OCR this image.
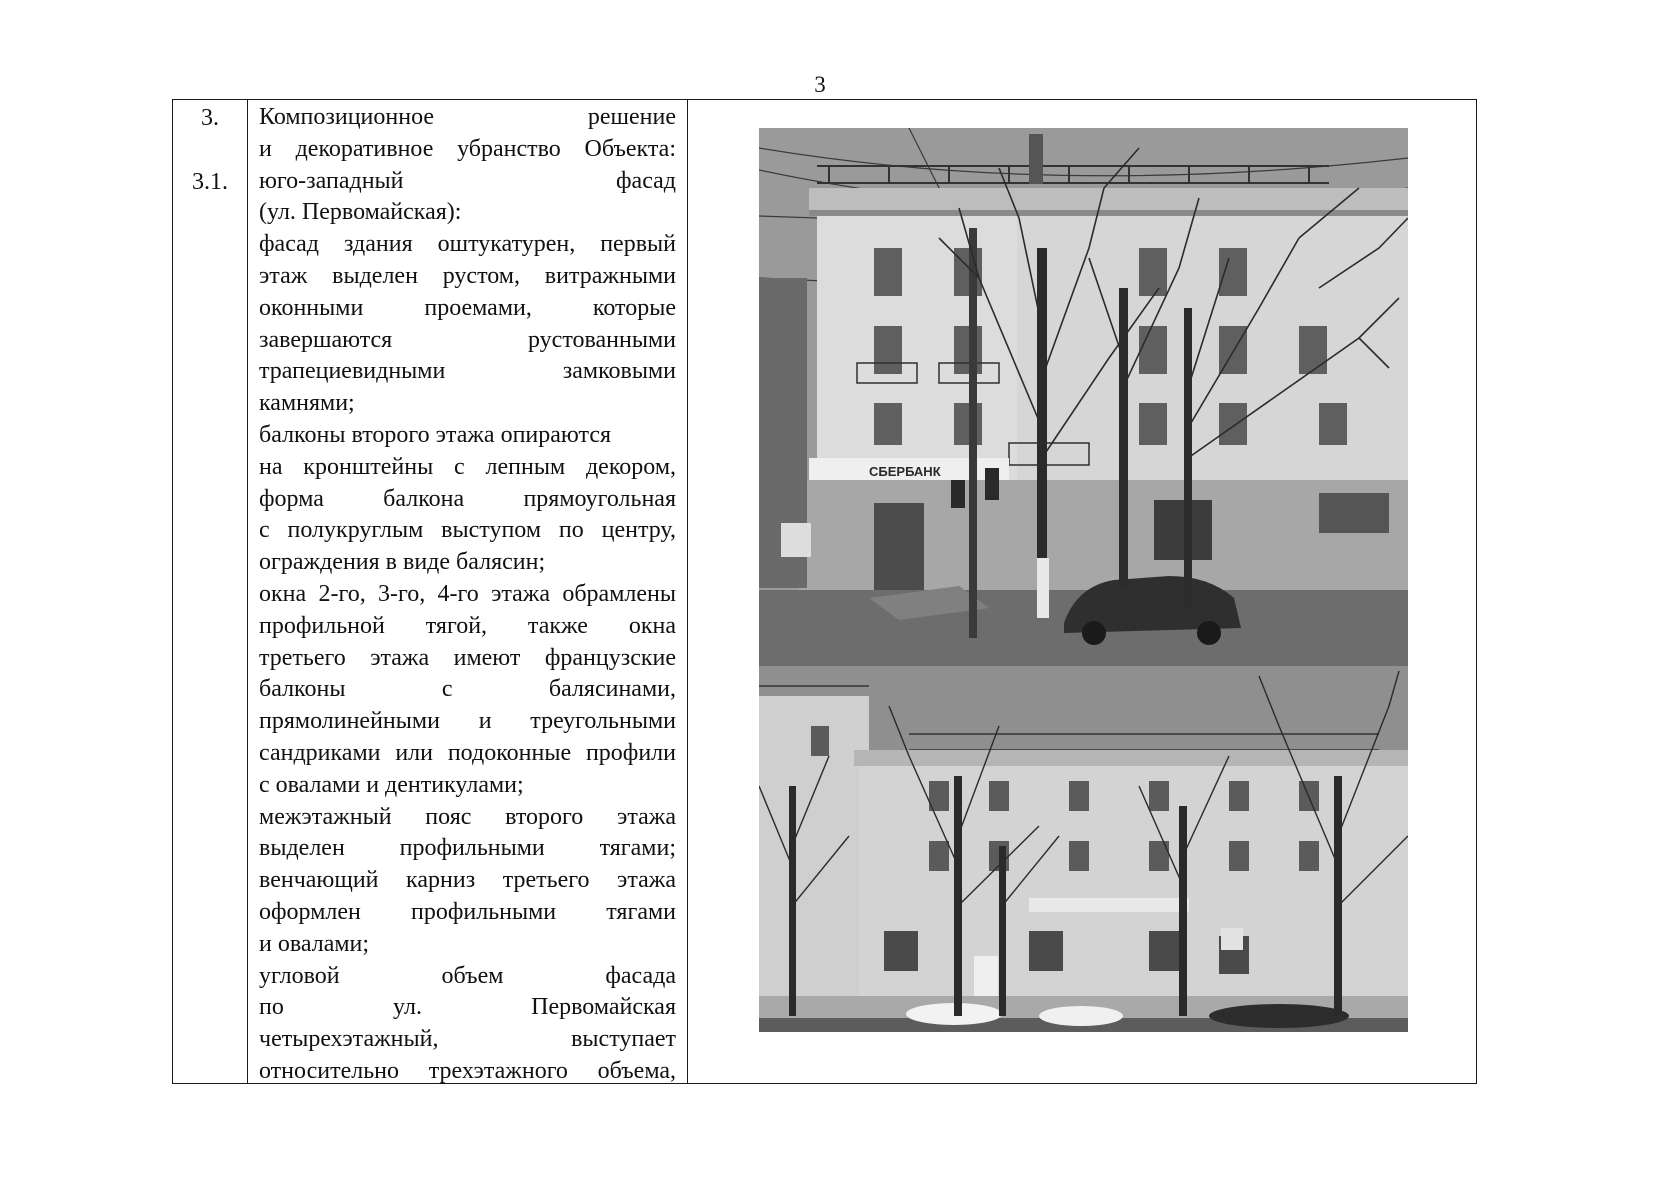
3
3.
3.1.
Композиционное решение
и декоративное убранство Объекта:
юго-западный фасад
(ул. Первомайская):
фасад здания оштукатурен, первый
этаж выделен рустом, витражными
оконными проемами, которые
завершаются рустованными
трапециевидными замковыми
камнями;
балконы второго этажа опираются
на кронштейны с лепным декором,
форма балкона прямоугольная
с полукруглым выступом по центру,
ограждения в виде балясин;
окна 2-го, 3-го, 4-го этажа обрамлены
профильной тягой, также окна
третьего этажа имеют французские
балконы с балясинами,
прямолинейными и треугольными
сандриками или подоконные профили
с овалами и дентикулами;
межэтажный пояс второго этажа
выделен профильными тягами;
венчающий карниз третьего этажа
оформлен профильными тягами
и овалами;
угловой объем фасада
по ул. Первомайская
четырехэтажный, выступает
относительно трехэтажного объема,
СБЕРБАНК
